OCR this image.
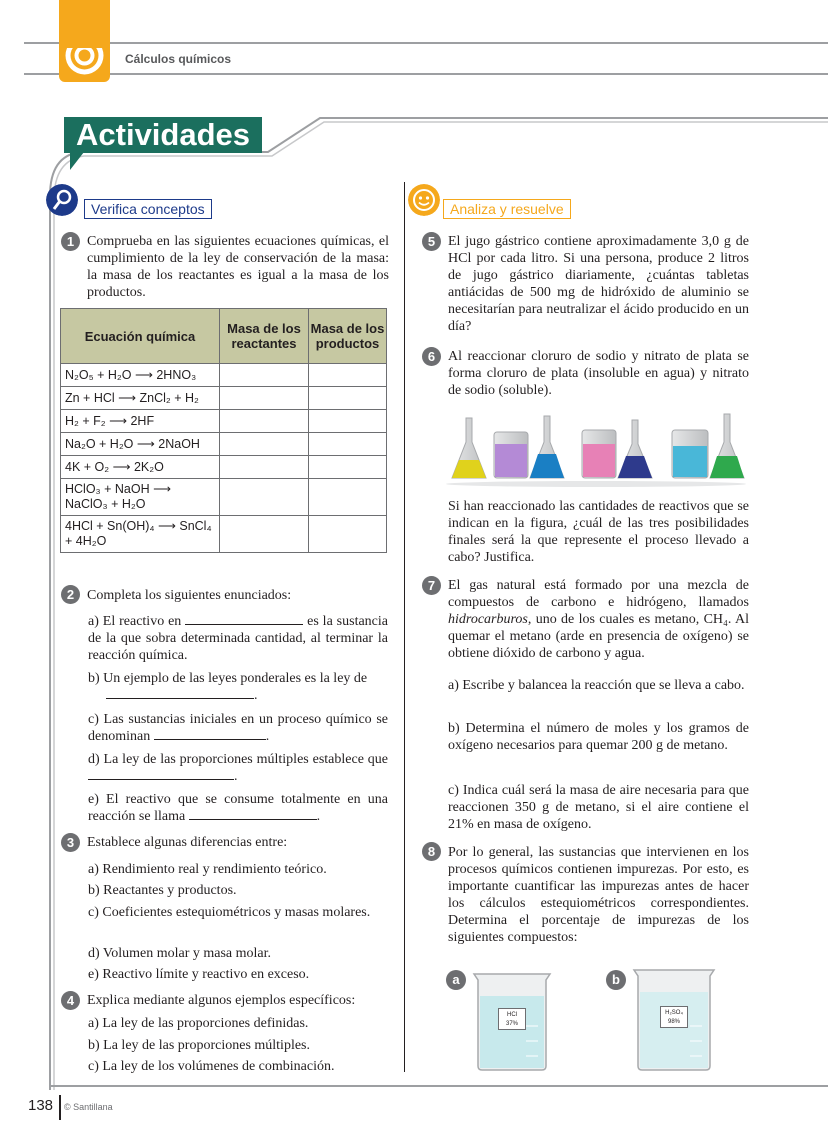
Cálculos químicos
Actividades
Verifica conceptos	Analiza y resuelve
1 Comprueba en las siguientes ecuaciones químicas, el cumplimiento de la ley de conservación de la masa: la masa de los reactantes es igual a la masa de los productos.
Ecuación química	Masa de los reactantes	Masa de los productos
N₂O₅ + H₂O ⟶ 2HNO₃		
Zn + HCl ⟶ ZnCl₂ + H₂		
H₂ + F₂ ⟶ 2HF		
Na₂O + H₂O ⟶ 2NaOH		
4K + O₂ ⟶ 2K₂O		
HClO₃ + NaOH ⟶ NaClO₃ + H₂O		
4HCl + Sn(OH)₄ ⟶ SnCl₄ + 4H₂O		
2 Completa los siguientes enunciados:
a) El reactivo en	es la sustancia de la que sobra determinada cantidad, al terminar la reacción química.
b) Un ejemplo de las leyes ponderales es la ley de
.
c) Las sustancias iniciales en un proceso químico se denominan	.
d) La ley de las proporciones múltiples establece que .
e) El reactivo que se consume totalmente en una reacción se llama	.
3 Establece algunas diferencias entre:
a) Rendimiento real y rendimiento teórico.
b) Reactantes y productos.
c) Coeficientes estequiométricos y masas molares.
d) Volumen molar y masa molar.
e) Reactivo límite y reactivo en exceso.
4 Explica mediante algunos ejemplos específicos:
a) La ley de las proporciones definidas.
b) La ley de las proporciones múltiples.
c) La ley de los volúmenes de combinación.
5 El jugo gástrico contiene aproximadamente 3,0 g de HCl por cada litro. Si una persona, produce 2 litros de jugo gástrico diariamente, ¿cuántas tabletas antiácidas de 500 mg de hidróxido de aluminio se necesitarían para neutralizar el ácido producido en un día?
6 Al reaccionar cloruro de sodio y nitrato de plata se forma cloruro de plata (insoluble en agua) y nitrato de sodio (soluble).
Si han reaccionado las cantidades de reactivos que se indican en la figura, ¿cuál de las tres posibilidades finales será la que represente el proceso llevado a cabo? Justifica.
7 El gas natural está formado por una mezcla de compuestos de carbono e hidrógeno, llamados hidrocarburos, uno de los cuales es metano, CH₄. Al quemar el metano (arde en presencia de oxígeno) se obtiene dióxido de carbono y agua.
a) Escribe y balancea la reacción que se lleva a cabo.
b) Determina el número de moles y los gramos de oxígeno necesarios para quemar 200 g de metano.
c) Indica cuál será la masa de aire necesaria para que reaccionen 350 g de metano, si el aire contiene el 21% en masa de oxígeno.
8 Por lo general, las sustancias que intervienen en los procesos químicos contienen impurezas. Por esto, es importante cuantificar las impurezas antes de hacer los cálculos estequiométricos correspondientes. Determina el porcentaje de impurezas de los siguientes compuestos:
a	b
HCl
37%
H₂SO₄
98%
138 © Santillana
